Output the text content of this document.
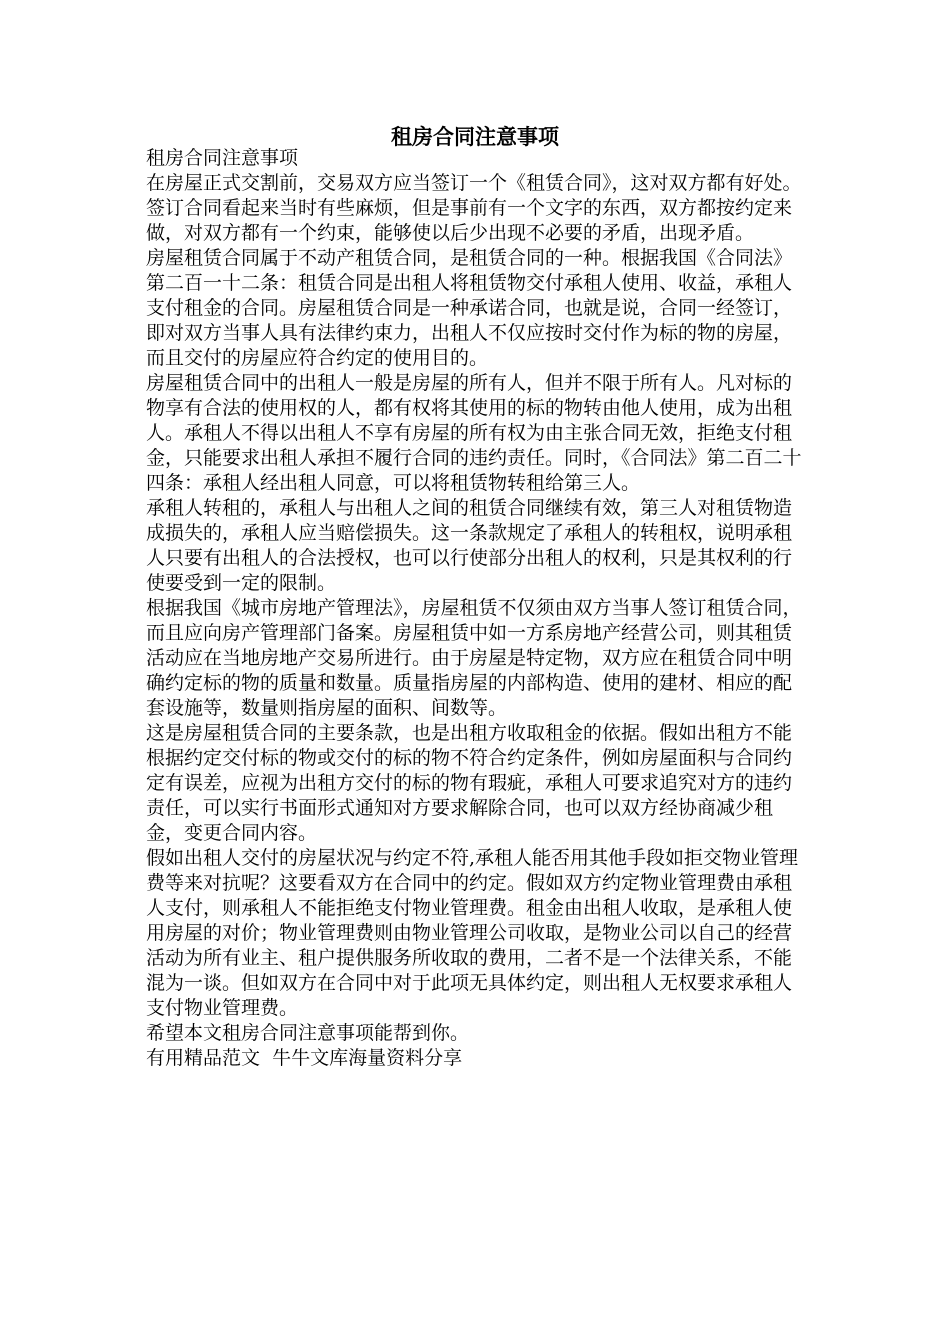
租房合同注意事项

租房合同注意事项

在房屋正式交割前，交易双方应当签订一个《租赁合同》，这对双方都有好处。签订合同看起来当时有些麻烦，但是事前有一个文字的东西，双方都按约定来做，对双方都有一个约束，能够使以后少出现不必要的矛盾，出现矛盾。

房屋租赁合同属于不动产租赁合同，是租赁合同的一种。根据我国《合同法》第二百一十二条：租赁合同是出租人将租赁物交付承租人使用、收益，承租人支付租金的合同。房屋租赁合同是一种承诺合同，也就是说，合同一经签订，即对双方当事人具有法律约束力，出租人不仅应按时交付作为标的物的房屋，而且交付的房屋应符合约定的使用目的。

房屋租赁合同中的出租人一般是房屋的所有人，但并不限于所有人。凡对标的物享有合法的使用权的人，都有权将其使用的标的物转由他人使用，成为出租人。承租人不得以出租人不享有房屋的所有权为由主张合同无效，拒绝支付租金，只能要求出租人承担不履行合同的违约责任。同时，《合同法》第二百二十四条：承租人经出租人同意，可以将租赁物转租给第三人。

承租人转租的，承租人与出租人之间的租赁合同继续有效，第三人对租赁物造成损失的，承租人应当赔偿损失。这一条款规定了承租人的转租权，说明承租人只要有出租人的合法授权，也可以行使部分出租人的权利，只是其权利的行使要受到一定的限制。

根据我国《城市房地产管理法》，房屋租赁不仅须由双方当事人签订租赁合同，而且应向房产管理部门备案。房屋租赁中如一方系房地产经营公司，则其租赁活动应在当地房地产交易所进行。由于房屋是特定物，双方应在租赁合同中明确约定标的物的质量和数量。质量指房屋的内部构造、使用的建材、相应的配套设施等，数量则指房屋的面积、间数等。

这是房屋租赁合同的主要条款，也是出租方收取租金的依据。假如出租方不能根据约定交付标的物或交付的标的物不符合约定条件，例如房屋面积与合同约定有误差，应视为出租方交付的标的物有瑕疵，承租人可要求追究对方的违约责任，可以实行书面形式通知对方要求解除合同，也可以双方经协商减少租金，变更合同内容。

假如出租人交付的房屋状况与约定不符,承租人能否用其他手段如拒交物业管理费等来对抗呢？这要看双方在合同中的约定。假如双方约定物业管理费由承租人支付，则承租人不能拒绝支付物业管理费。租金由出租人收取，是承租人使用房屋的对价；物业管理费则由物业管理公司收取，是物业公司以自己的经营活动为所有业主、租户提供服务所收取的费用，二者不是一个法律关系，不能混为一谈。但如双方在合同中对于此项无具体约定，则出租人无权要求承租人支付物业管理费。

希望本文租房合同注意事项能帮到你。

有用精品范文  牛牛文库海量资料分享
